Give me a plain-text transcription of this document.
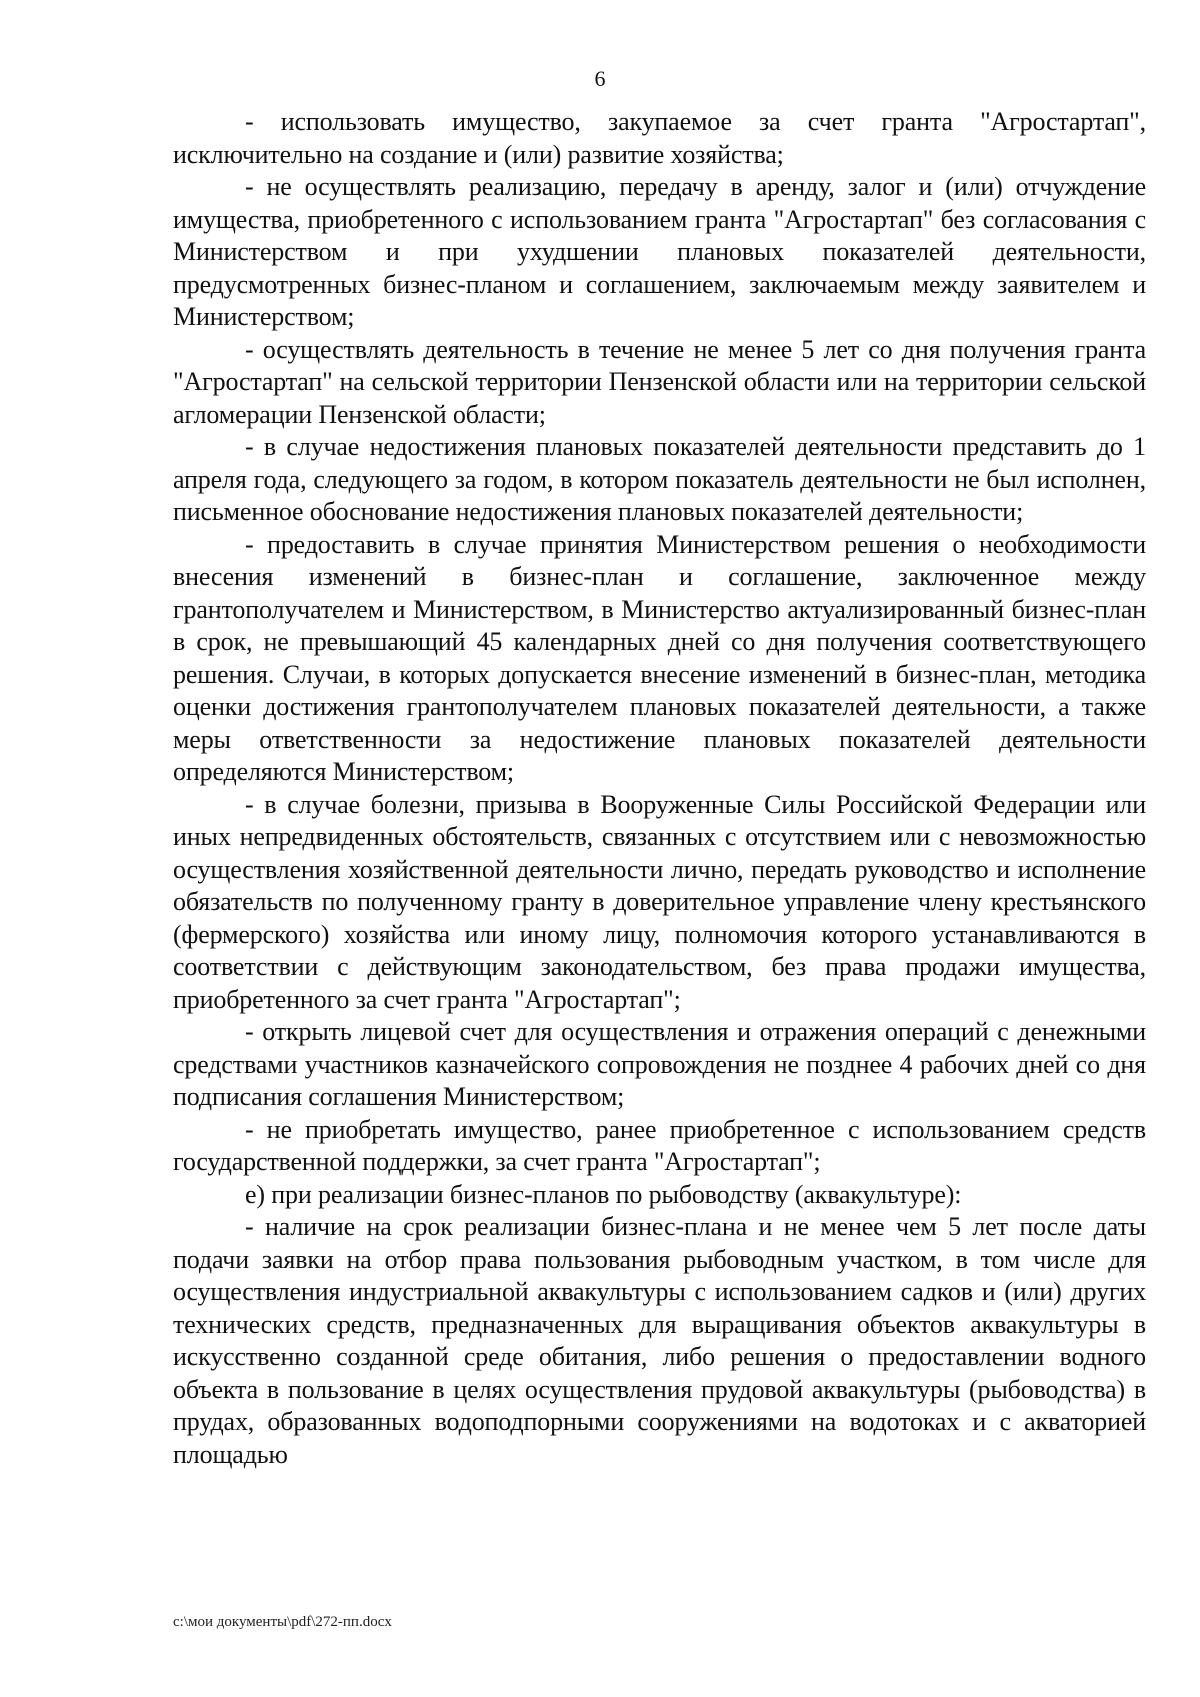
6

- использовать имущество, закупаемое за счет гранта "Агростартап", исключительно на создание и (или) развитие хозяйства;

- не осуществлять реализацию, передачу в аренду, залог и (или) отчуждение имущества, приобретенного с использованием гранта "Агростартап" без согласования с Министерством и при ухудшении плановых показателей деятельности, предусмотренных бизнес-планом и соглашением, заключаемым между заявителем и Министерством;

- осуществлять деятельность в течение не менее 5 лет со дня получения гранта "Агростартап" на сельской территории Пензенской области или на территории сельской агломерации Пензенской области;

- в случае недостижения плановых показателей деятельности представить до 1 апреля года, следующего за годом, в котором показатель деятельности не был исполнен, письменное обоснование недостижения плановых показателей деятельности;

- предоставить в случае принятия Министерством решения о необходимости внесения изменений в бизнес-план и соглашение, заключенное между грантополучателем и Министерством, в Министерство актуализированный бизнес-план в срок, не превышающий 45 календарных дней со дня получения соответствующего решения. Случаи, в которых допускается внесение изменений в бизнес-план, методика оценки достижения грантополучателем плановых показателей деятельности, а также меры ответственности за недостижение плановых показателей деятельности определяются Министерством;

- в случае болезни, призыва в Вооруженные Силы Российской Федерации или иных непредвиденных обстоятельств, связанных с отсутствием или с невозможностью осуществления хозяйственной деятельности лично, передать руководство и исполнение обязательств по полученному гранту в доверительное управление члену крестьянского (фермерского) хозяйства или иному лицу, полномочия которого устанавливаются в соответствии с действующим законодательством, без права продажи имущества, приобретенного за счет гранта "Агростартап";

- открыть лицевой счет для осуществления и отражения операций с денежными средствами участников казначейского сопровождения не позднее 4 рабочих дней со дня подписания соглашения Министерством;

- не приобретать имущество, ранее приобретенное с использованием средств государственной поддержки, за счет гранта "Агростартап";

е) при реализации бизнес-планов по рыбоводству (аквакультуре):

- наличие на срок реализации бизнес-плана и не менее чем 5 лет после даты подачи заявки на отбор права пользования рыбоводным участком, в том числе для осуществления индустриальной аквакультуры с использованием садков и (или) других технических средств, предназначенных для выращивания объектов аквакультуры в искусственно созданной среде обитания, либо решения о предоставлении водного объекта в пользование в целях осуществления прудовой аквакультуры (рыбоводства) в прудах, образованных водоподпорными сооружениями на водотоках и с акваторией площадью

c:\мои документы\pdf\272-пп.docx
